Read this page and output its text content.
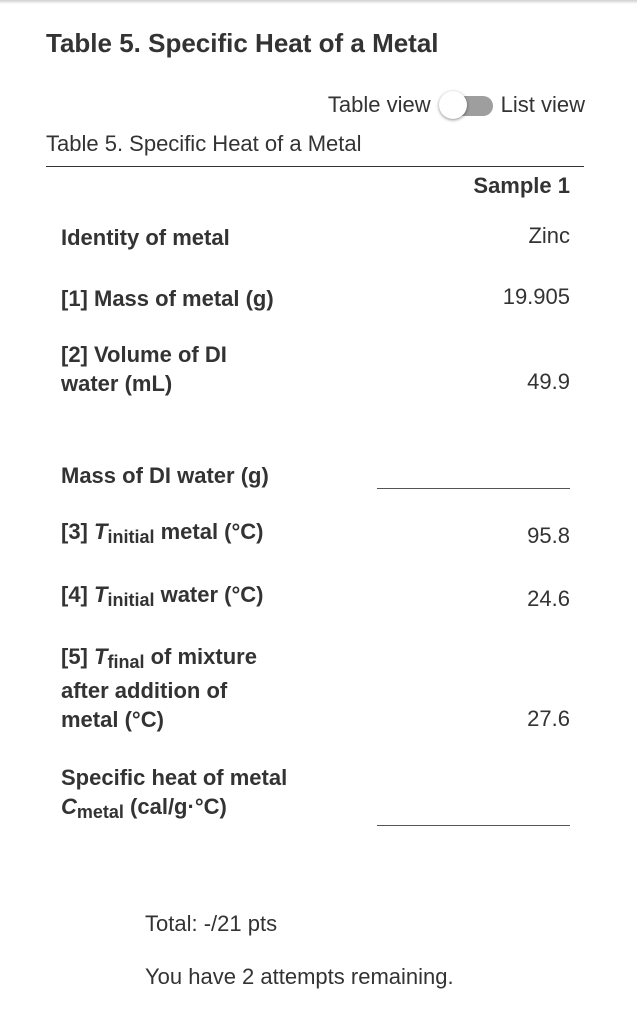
Table 5. Specific Heat of a Metal
Table view	List view
Table 5. Specific Heat of a Metal
Sample 1
Identity of metal	Zinc
[1] Mass of metal (g)	19.905
[2] Volume of DI
water (mL)	49.9
Mass of DI water (g)
[3] $T_{initial}$ metal (°C)	95.8
[4] $T_{initial}$ water (°C)	24.6
[5] $T_{final}$ of mixture
after addition of
metal (°C)	27.6
Specific heat of metal
$C_{metal}$ (cal/g·°C)
Total: -/21 pts
You have 2 attempts remaining.
